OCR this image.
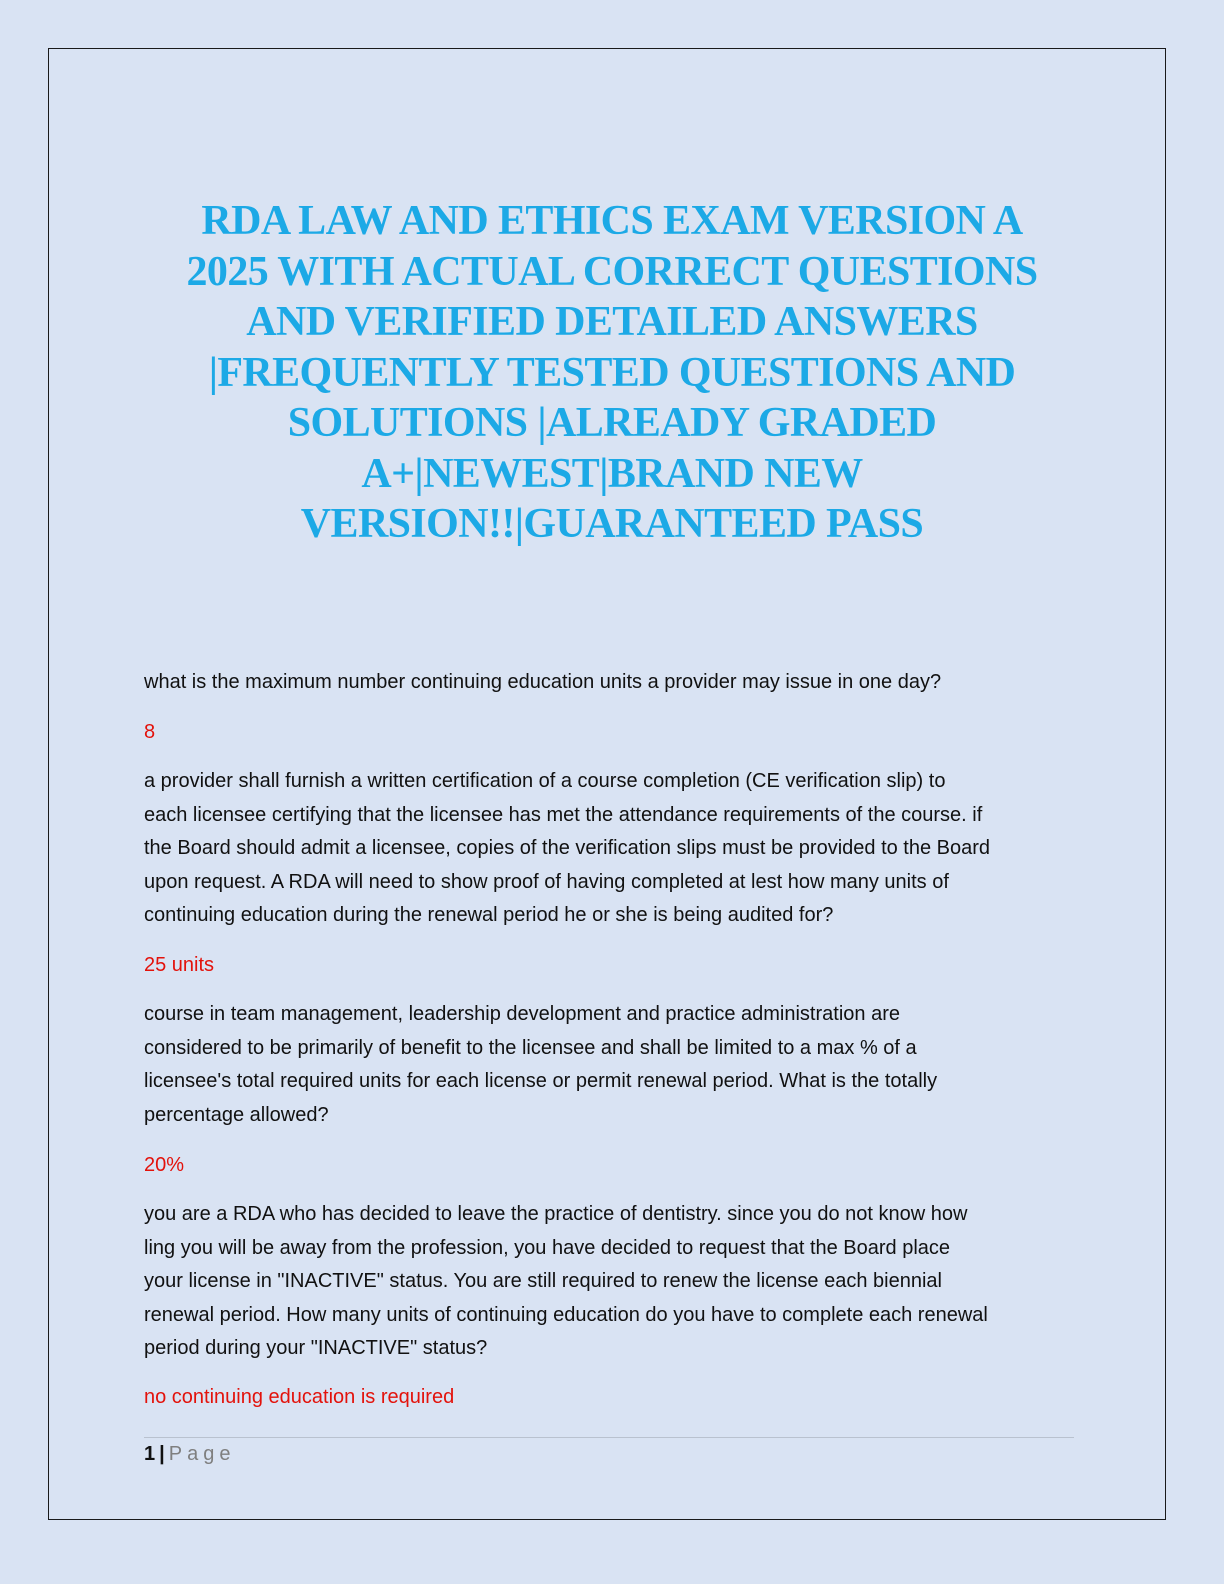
RDA LAW AND ETHICS EXAM VERSION A
2025 WITH ACTUAL CORRECT QUESTIONS
AND VERIFIED DETAILED ANSWERS
|FREQUENTLY TESTED QUESTIONS AND
SOLUTIONS |ALREADY GRADED
A+|NEWEST|BRAND NEW
VERSION!!|GUARANTEED PASS

what is the maximum number continuing education units a provider may issue in one day?

8

a provider shall furnish a written certification of a course completion (CE verification slip) to
each licensee certifying that the licensee has met the attendance requirements of the course. if
the Board should admit a licensee, copies of the verification slips must be provided to the Board
upon request. A RDA will need to show proof of having completed at lest how many units of
continuing education during the renewal period he or she is being audited for?

25 units

course in team management, leadership development and practice administration are
considered to be primarily of benefit to the licensee and shall be limited to a max % of a
licensee's total required units for each license or permit renewal period. What is the totally
percentage allowed?

20%

you are a RDA who has decided to leave the practice of dentistry. since you do not know how
ling you will be away from the profession, you have decided to request that the Board place
your license in "INACTIVE" status. You are still required to renew the license each biennial
renewal period. How many units of continuing education do you have to complete each renewal
period during your "INACTIVE" status?

no continuing education is required

1 | Page
